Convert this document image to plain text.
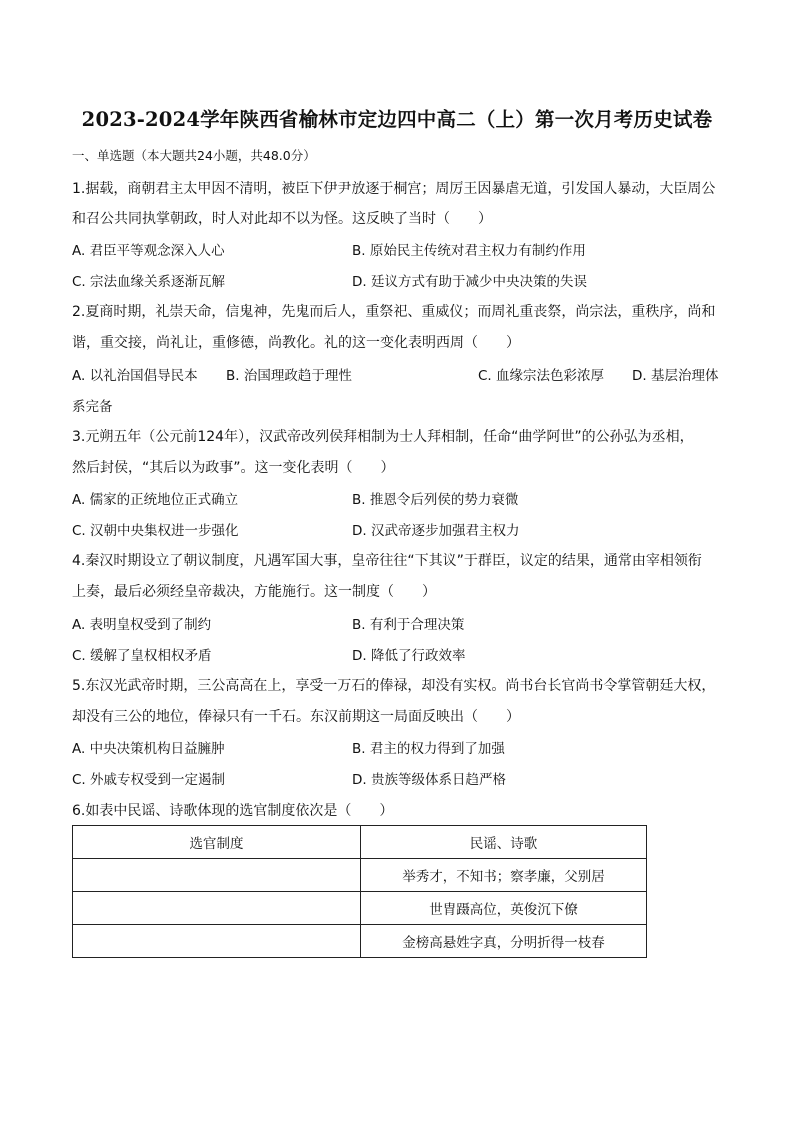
2023-2024学年陕西省榆林市定边四中高二（上）第一次月考历史试卷
一、单选题（本大题共24小题，共48.0分）
1.据载，商朝君主太甲因不清明，被臣下伊尹放逐于桐宫；周厉王因暴虐无道，引发国人暴动，大臣周公
和召公共同执掌朝政，时人对此却不以为怪。这反映了当时（　　）
A. 君臣平等观念深入人心	B. 原始民主传统对君主权力有制约作用
C. 宗法血缘关系逐渐瓦解	D. 廷议方式有助于减少中央决策的失误
2.夏商时期，礼崇天命，信鬼神，先鬼而后人，重祭祀、重威仪；而周礼重丧祭，尚宗法，重秩序，尚和
谐，重交接，尚礼让，重修德，尚教化。礼的这一变化表明西周（　　）
A. 以礼治国倡导民本 B. 治国理政趋于理性	C. 血缘宗法色彩浓厚 D. 基层治理体
系完备
3.元朔五年（公元前124年），汉武帝改列侯拜相制为士人拜相制，任命“曲学阿世”的公孙弘为丞相，
然后封侯，“其后以为政事”。这一变化表明（　　）
A. 儒家的正统地位正式确立	B. 推恩令后列侯的势力衰微
C. 汉朝中央集权进一步强化	D. 汉武帝逐步加强君主权力
4.秦汉时期设立了朝议制度，凡遇军国大事，皇帝往往“下其议”于群臣，议定的结果，通常由宰相领衔
上奏，最后必须经皇帝裁决，方能施行。这一制度（　　）
A. 表明皇权受到了制约	B. 有利于合理决策
C. 缓解了皇权相权矛盾	D. 降低了行政效率
5.东汉光武帝时期，三公高高在上，享受一万石的俸禄，却没有实权。尚书台长官尚书令掌管朝廷大权，
却没有三公的地位，俸禄只有一千石。东汉前期这一局面反映出（　　）
A. 中央决策机构日益臃肿	B. 君主的权力得到了加强
C. 外戚专权受到一定遏制	D. 贵族等级体系日趋严格
6.如表中民谣、诗歌体现的选官制度依次是（　　）
选官制度	民谣、诗歌
	举秀才，不知书；察孝廉，父别居
	世胄蹑高位，英俊沉下僚
	金榜高悬姓字真，分明折得一枝春
